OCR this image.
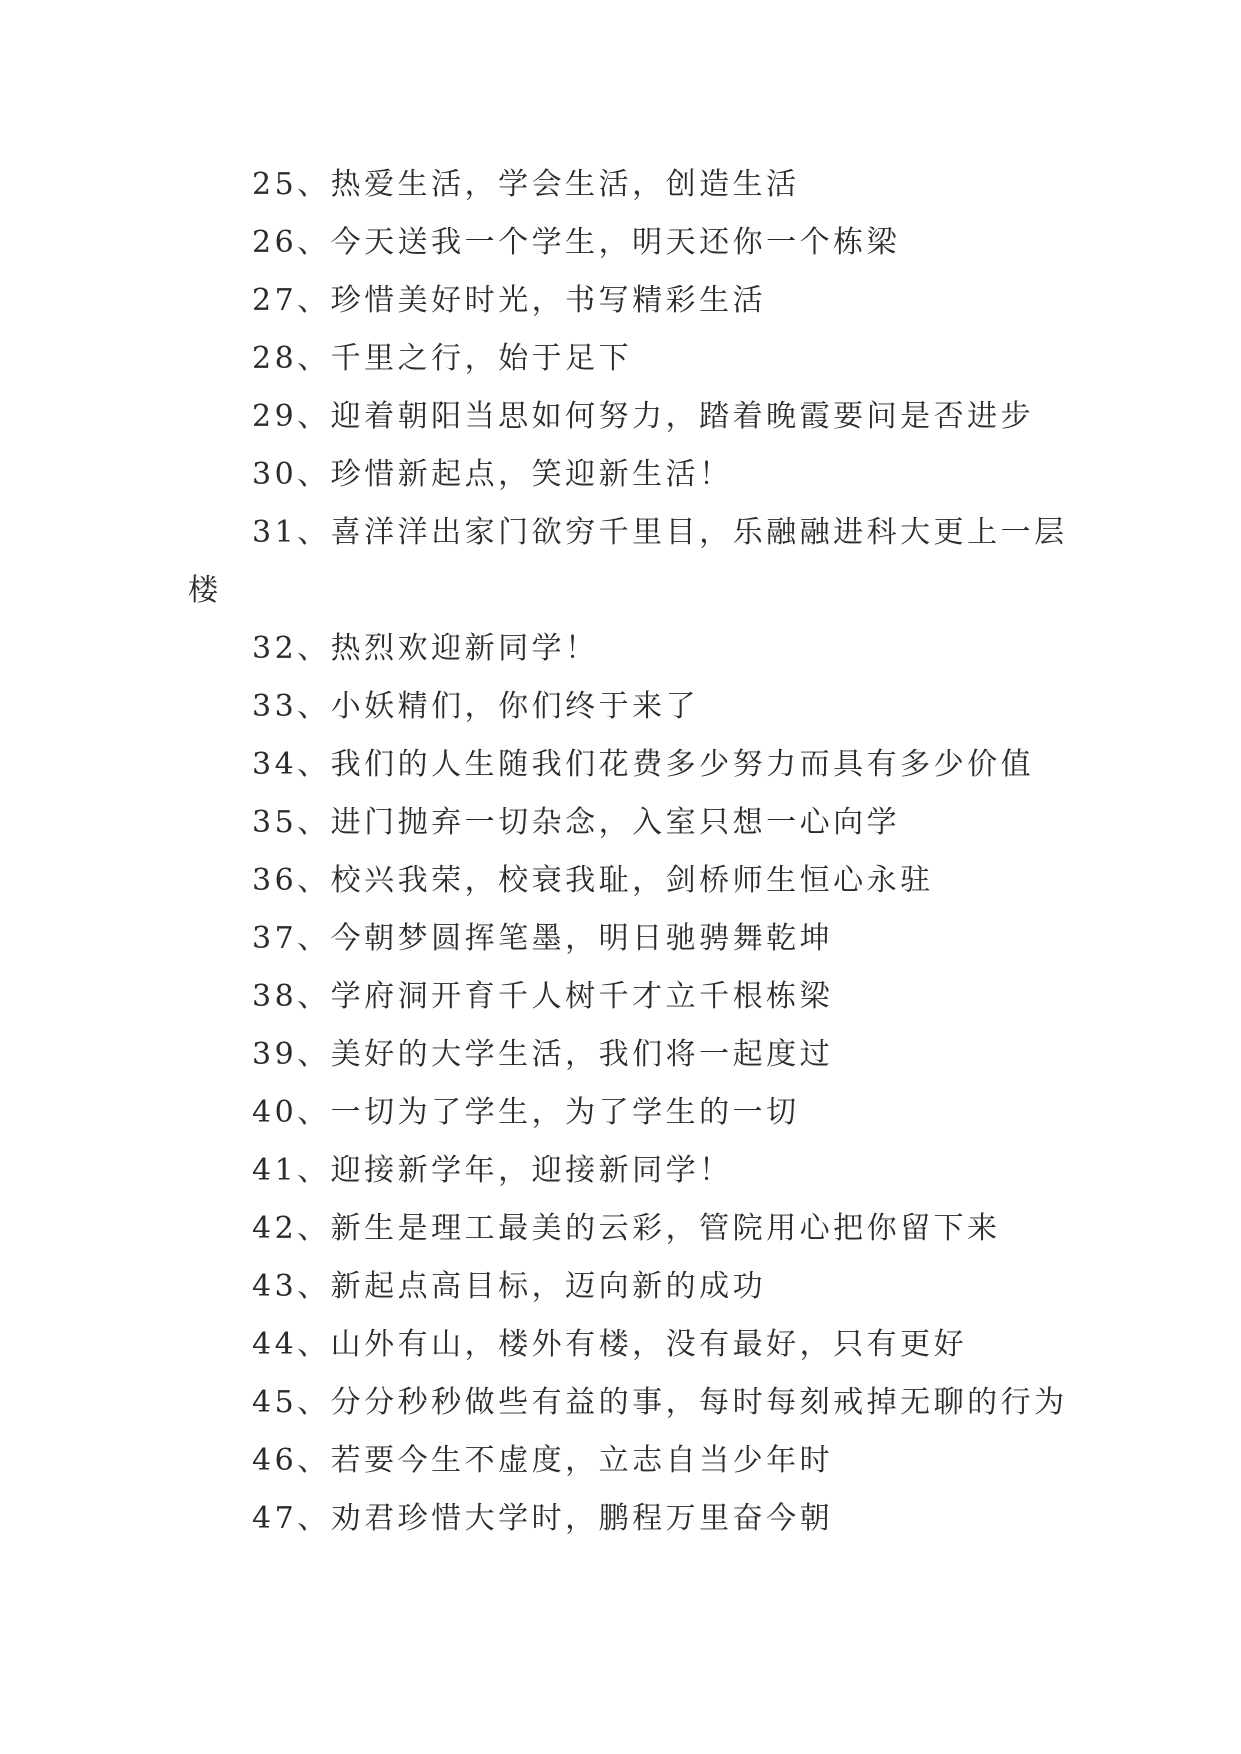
25、热爱生活，学会生活，创造生活

26、今天送我一个学生，明天还你一个栋梁

27、珍惜美好时光，书写精彩生活

28、千里之行，始于足下

29、迎着朝阳当思如何努力，踏着晚霞要问是否进步

30、珍惜新起点，笑迎新生活！

31、喜洋洋出家门欲穷千里目，乐融融进科大更上一层楼

32、热烈欢迎新同学！

33、小妖精们，你们终于来了

34、我们的人生随我们花费多少努力而具有多少价值

35、进门抛弃一切杂念，入室只想一心向学

36、校兴我荣，校衰我耻，剑桥师生恒心永驻

37、今朝梦圆挥笔墨，明日驰骋舞乾坤

38、学府洞开育千人树千才立千根栋梁

39、美好的大学生活，我们将一起度过

40、一切为了学生，为了学生的一切

41、迎接新学年，迎接新同学！

42、新生是理工最美的云彩，管院用心把你留下来

43、新起点高目标，迈向新的成功

44、山外有山，楼外有楼，没有最好，只有更好

45、分分秒秒做些有益的事，每时每刻戒掉无聊的行为

46、若要今生不虚度，立志自当少年时

47、劝君珍惜大学时，鹏程万里奋今朝
